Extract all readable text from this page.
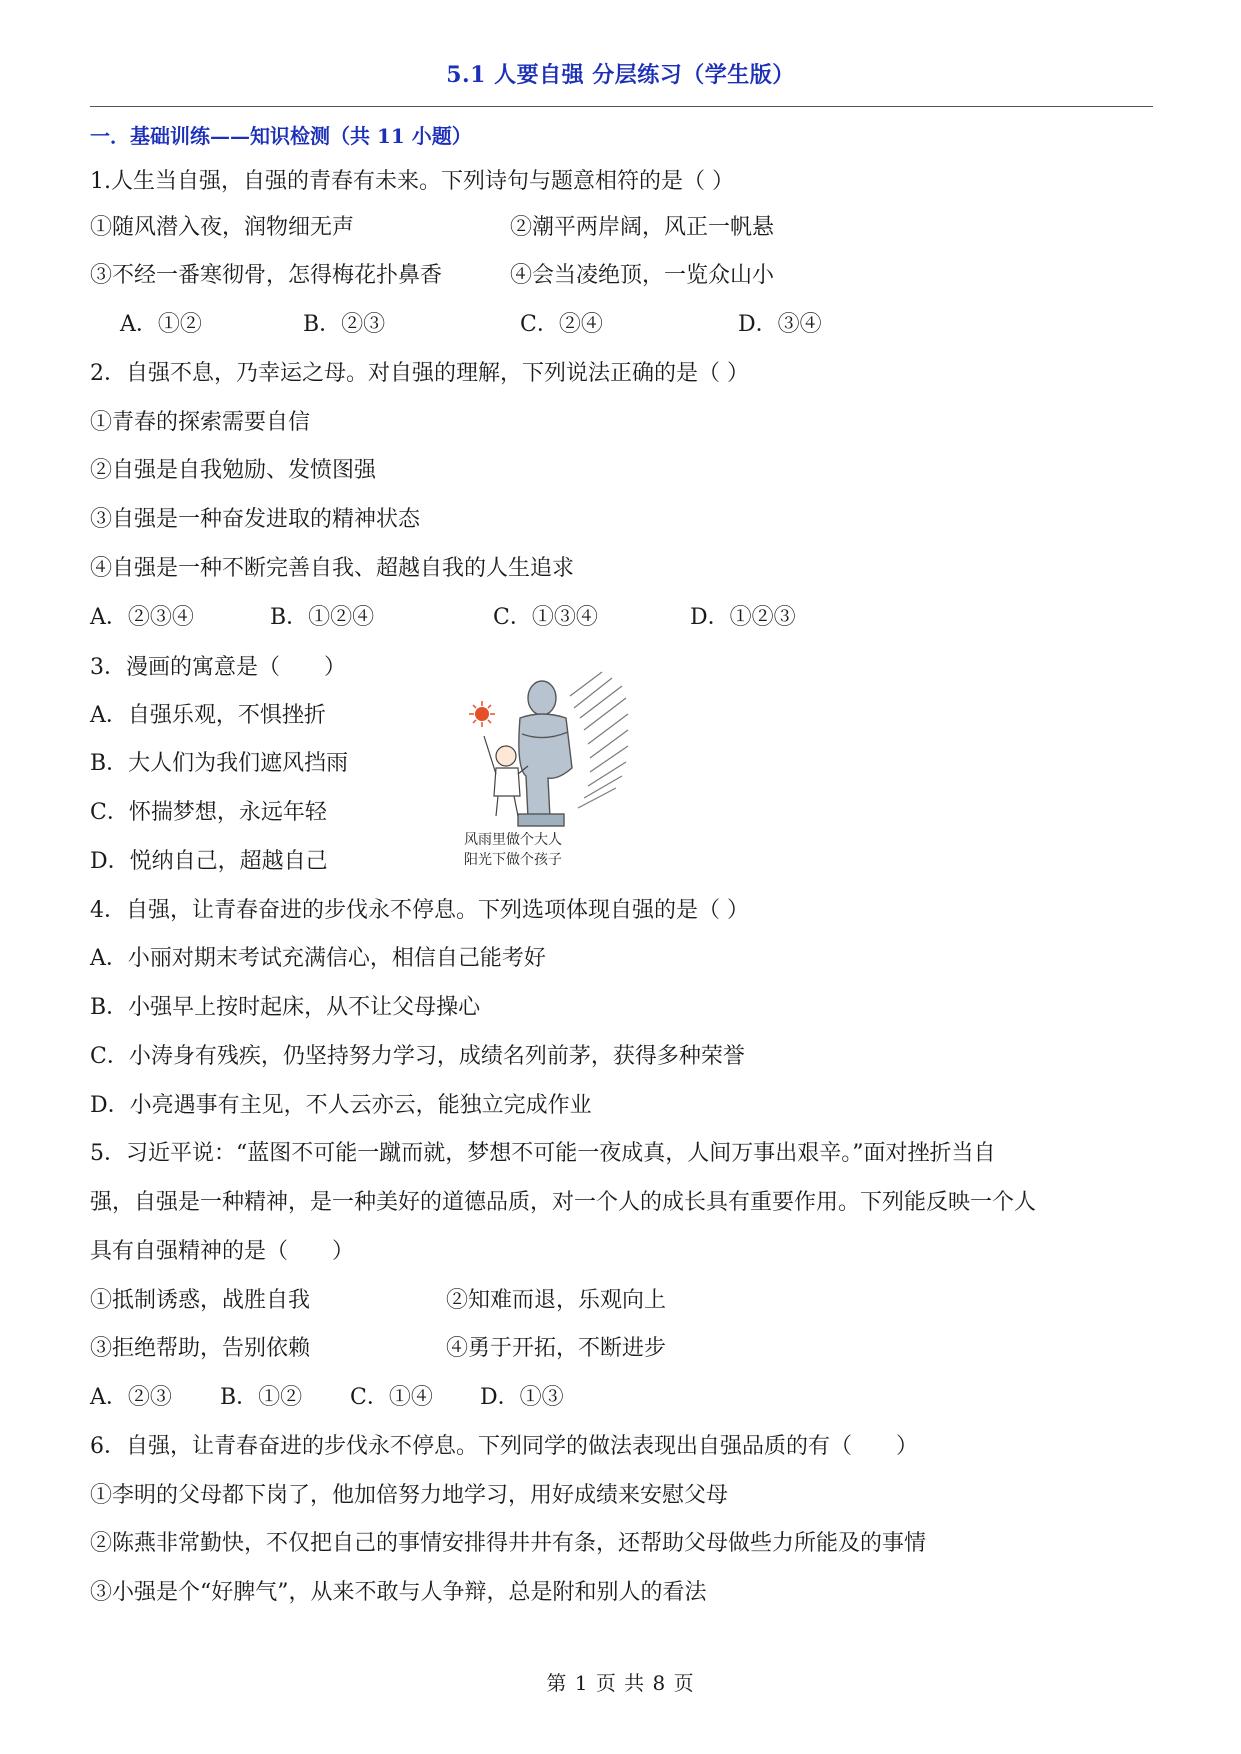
5.1 人要自强 分层练习（学生版）
一．基础训练——知识检测（共 11 小题）
1.人生当自强，自强的青春有未来。下列诗句与题意相符的是（ ）
①随风潜入夜，润物细无声	②潮平两岸阔，风正一帆悬
③不经一番寒彻骨，怎得梅花扑鼻香	④会当凌绝顶，一览众山小
A．①②	B．②③	C．②④	D．③④
2．自强不息，乃幸运之母。对自强的理解，下列说法正确的是（ ）
①青春的探索需要自信
②自强是自我勉励、发愤图强
③自强是一种奋发进取的精神状态
④自强是一种不断完善自我、超越自我的人生追求
A．②③④	B．①②④	C．①③④	D．①②③
3．漫画的寓意是（　　）
A．自强乐观，不惧挫折
B．大人们为我们遮风挡雨
C．怀揣梦想，永远年轻
D．悦纳自己，超越自己
风雨里做个大人
阳光下做个孩子
4．自强，让青春奋进的步伐永不停息。下列选项体现自强的是（ ）
A．小丽对期末考试充满信心，相信自己能考好
B．小强早上按时起床，从不让父母操心
C．小涛身有残疾，仍坚持努力学习，成绩名列前茅，获得多种荣誉
D．小亮遇事有主见，不人云亦云，能独立完成作业
5．习近平说：“蓝图不可能一蹴而就，梦想不可能一夜成真，人间万事出艰辛。”面对挫折当自
强，自强是一种精神，是一种美好的道德品质，对一个人的成长具有重要作用。下列能反映一个人
具有自强精神的是（　　）
①抵制诱惑，战胜自我	②知难而退，乐观向上
③拒绝帮助，告别依赖	④勇于开拓，不断进步
A．②③ B．①② C．①④ D．①③
6．自强，让青春奋进的步伐永不停息。下列同学的做法表现出自强品质的有（　　）
①李明的父母都下岗了，他加倍努力地学习，用好成绩来安慰父母
②陈燕非常勤快，不仅把自己的事情安排得井井有条，还帮助父母做些力所能及的事情
③小强是个“好脾气”，从来不敢与人争辩，总是附和别人的看法
第 1 页 共 8 页
